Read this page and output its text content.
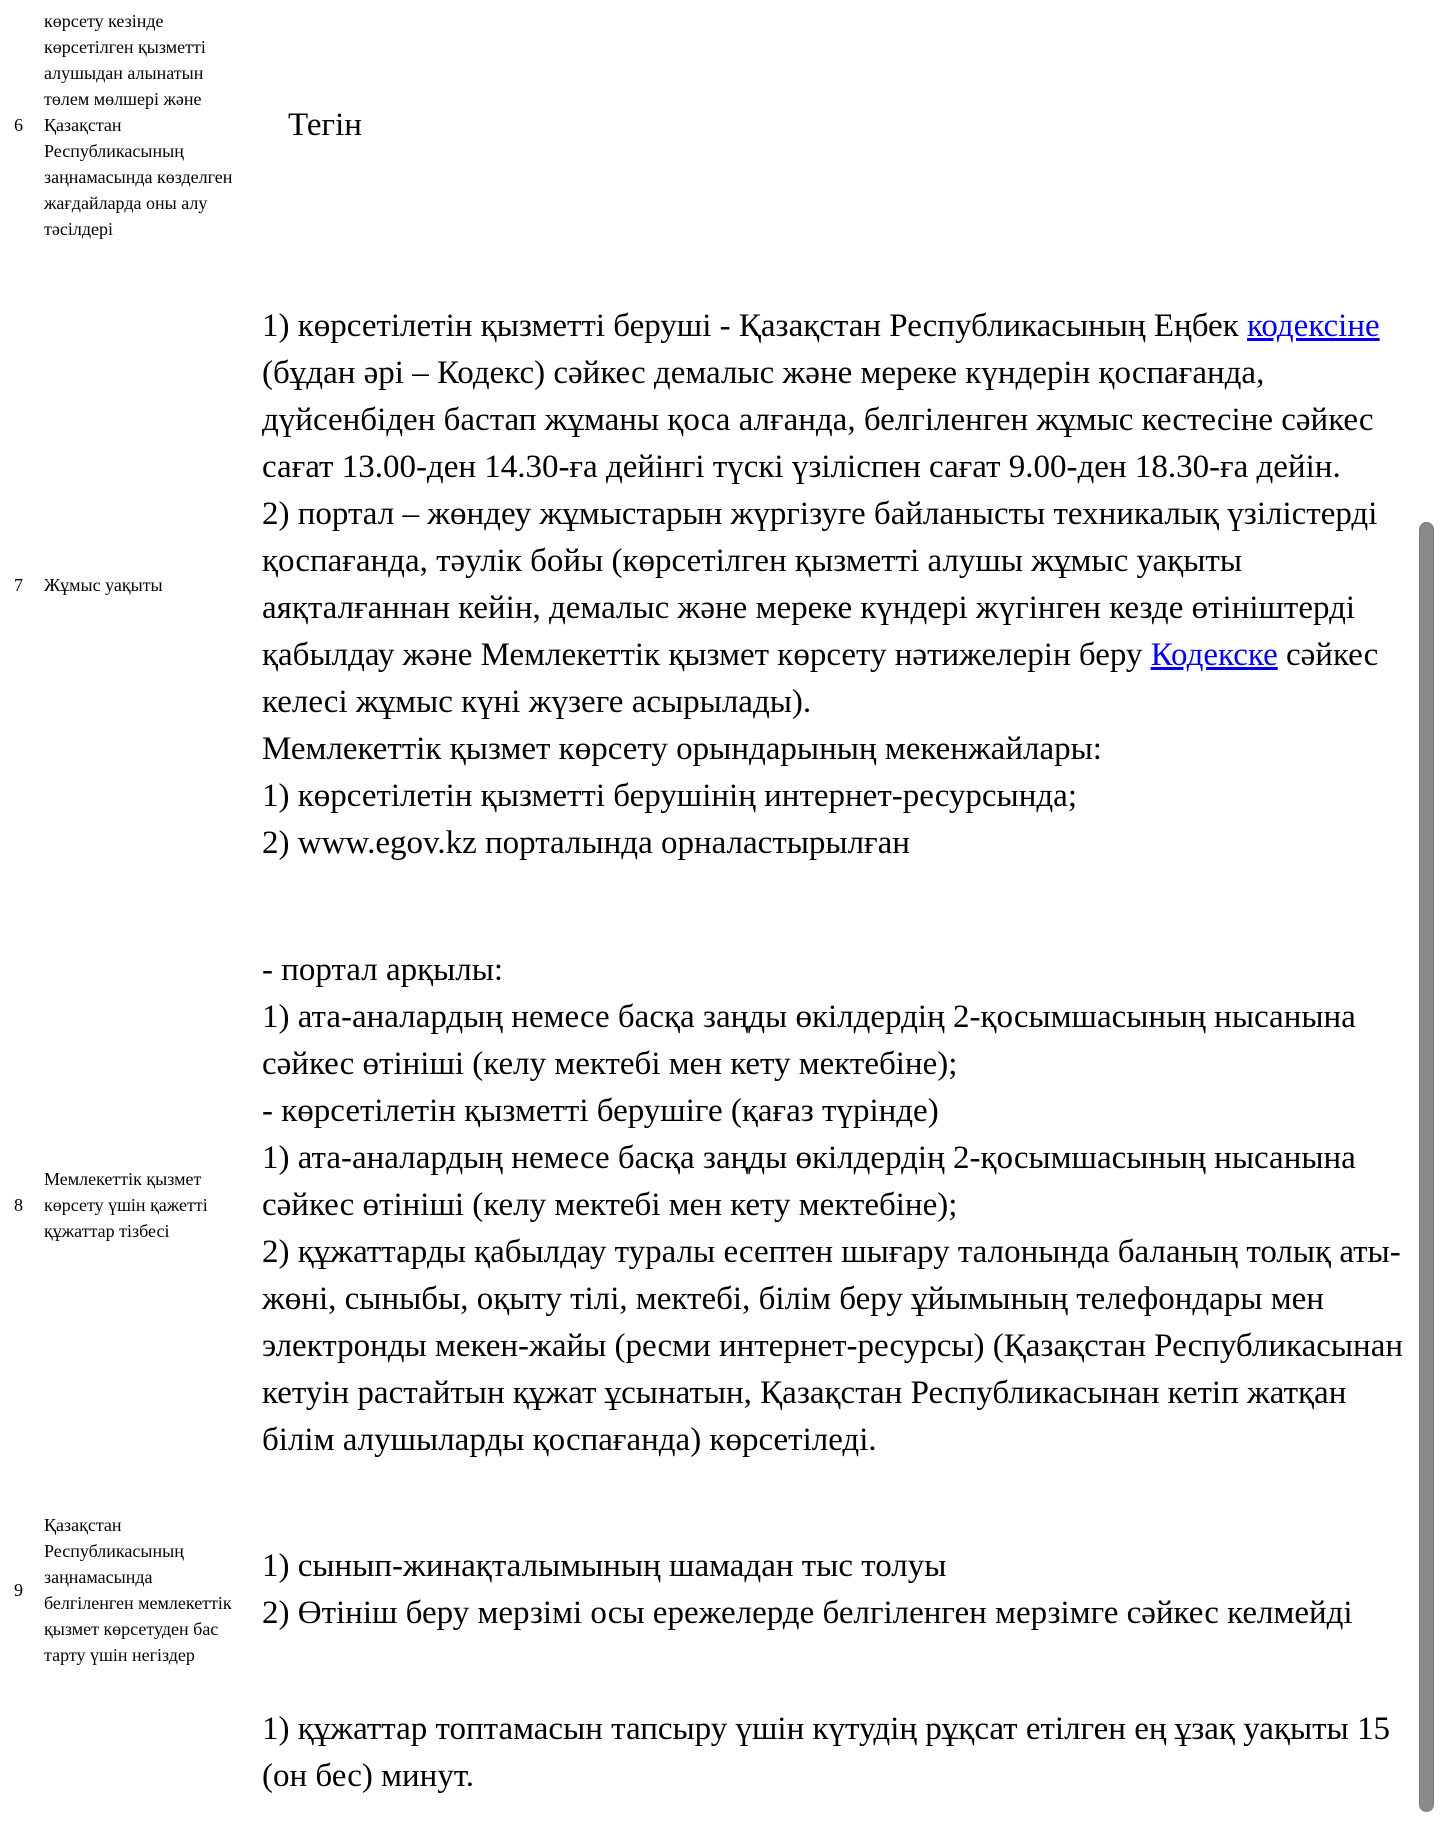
6
көрсету кезінде көрсетілген қызметті алушыдан алынатын төлем мөлшері және Қазақстан Республикасының заңнамасында көзделген жағдайларда оны алу тәсілдері

Тегін

7	Жұмыс уақыты

1) көрсетілетін қызметті беруші - Қазақстан Республикасының Еңбек кодексіне (бұдан әрі – Кодекс) сәйкес демалыс және мереке күндерін қоспағанда, дүйсенбіден бастап жұманы қоса алғанда, белгіленген жұмыс кестесіне сәйкес сағат 13.00-ден 14.30-ға дейінгі түскі үзіліспен сағат 9.00-ден 18.30-ға дейін.

2) портал – жөндеу жұмыстарын жүргізуге байланысты техникалық үзілістерді қоспағанда, тәулік бойы (көрсетілген қызметті алушы жұмыс уақыты аяқталғаннан кейін, демалыс және мереке күндері жүгінген кезде өтініштерді қабылдау және Мемлекеттік қызмет көрсету нәтижелерін беру Кодекске сәйкес келесі жұмыс күні жүзеге асырылады).

Мемлекеттік қызмет көрсету орындарының мекенжайлары:

1) көрсетілетін қызметті берушінің интернет-ресурсында;

2) www.egov.kz порталында орналастырылған

8
Мемлекеттік қызмет көрсету үшін қажетті құжаттар тізбесі

- портал арқылы:

1) ата-аналардың немесе басқа заңды өкілдердің 2-қосымшасының нысанына сәйкес өтініші (келу мектебі мен кету мектебіне);

- көрсетілетін қызметті берушіге (қағаз түрінде)

1) ата-аналардың немесе басқа заңды өкілдердің 2-қосымшасының нысанына сәйкес өтініші (келу мектебі мен кету мектебіне);

2) құжаттарды қабылдау туралы есептен шығару талонында баланың толық аты-жөні, сыныбы, оқыту тілі, мектебі, білім беру ұйымының телефондары мен электронды мекен-жайы (ресми интернет-ресурсы) (Қазақстан Республикасынан кетуін растайтын құжат ұсынатын, Қазақстан Республикасынан кетіп жатқан білім алушыларды қоспағанда) көрсетіледі.

9
Қазақстан Республикасының заңнамасында белгіленген мемлекеттік қызмет көрсетуден бас тарту үшін негіздер

1) сынып-жинақталымының шамадан тыс толуы

2) Өтініш беру мерзімі осы ережелерде белгіленген мерзімге сәйкес келмейді

1) құжаттар топтамасын тапсыру үшін күтудің рұқсат етілген ең ұзақ уақыты 15 (он бес) минут.
